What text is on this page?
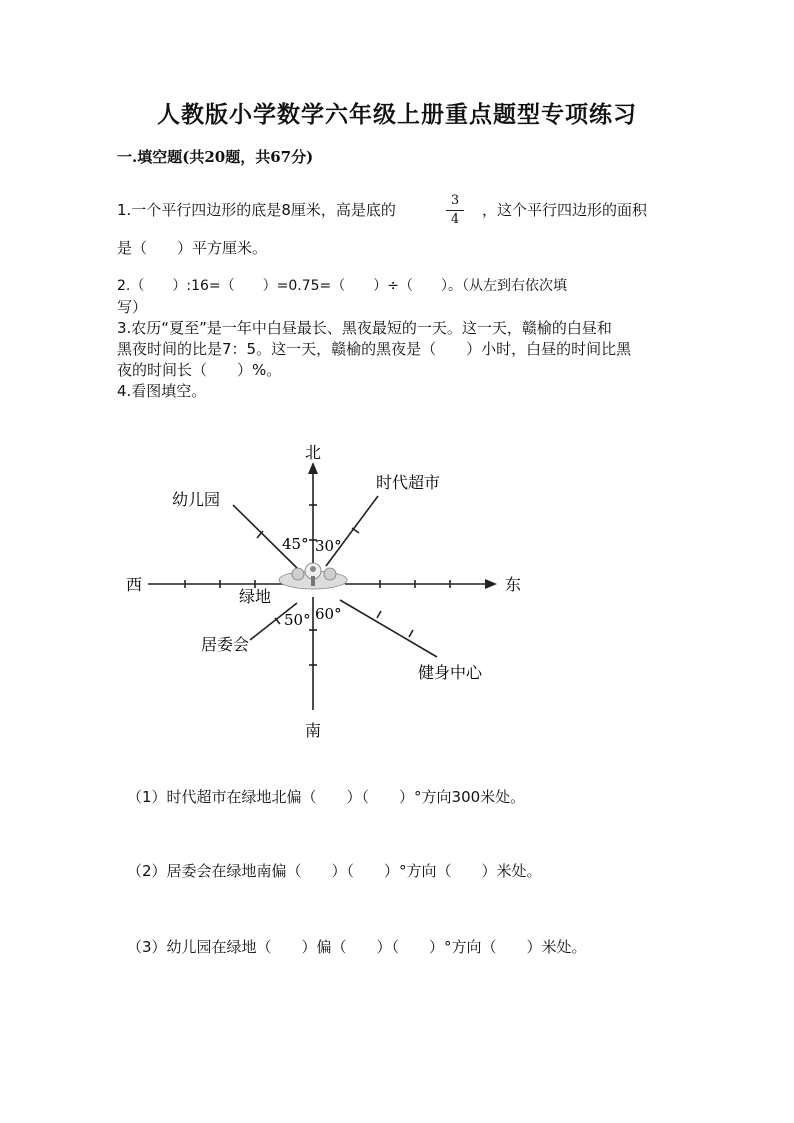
人教版小学数学六年级上册重点题型专项练习
一.填空题(共20题，共67分)
1.一个平行四边形的底是8厘米，高是底的
3
4
，这个平行四边形的面积
是（　　）平方厘米。
2.（　　）:16=（　　）=0.75=（　　）÷（　　）。（从左到右依次填
写）
3.农历“夏至”是一年中白昼最长、黑夜最短的一天。这一天，赣榆的白昼和
黑夜时间的比是7：5。这一天，赣榆的黑夜是（　　）小时，白昼的时间比黑
夜的时间长（　　）%。
4.看图填空。
北
南
东
西
绿地
时代超市
幼儿园
居委会
健身中心
45° 30°
50° 60°
（1）时代超市在绿地北偏（　　）（　　）°方向300米处。
（2）居委会在绿地南偏（　　）（　　）°方向（　　）米处。
（3）幼儿园在绿地（　　）偏（　　）（　　）°方向（　　）米处。
